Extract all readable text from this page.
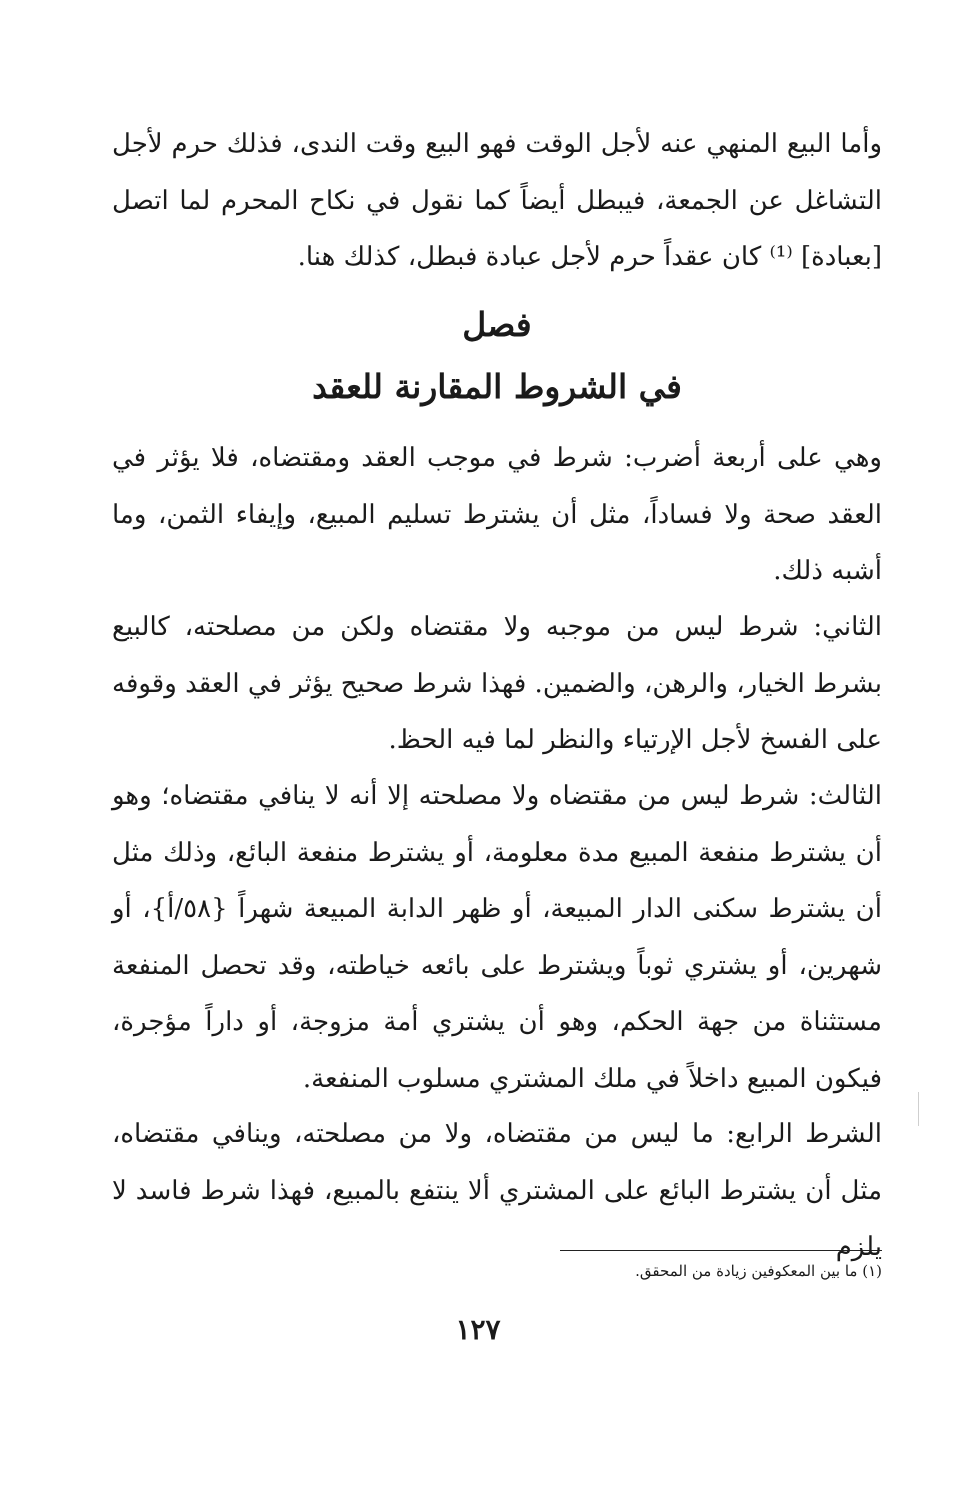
وأما البيع المنهي عنه لأجل الوقت فهو البيع وقت الندى، فذلك حرم لأجل التشاغل عن الجمعة، فيبطل أيضاً كما نقول في نكاح المحرم لما اتصل [بعبادة] ⁽¹⁾ كان عقداً حرم لأجل عبادة فبطل، كذلك هنا.
فصل
في الشروط المقارنة للعقد
وهي على أربعة أضرب: شرط في موجب العقد ومقتضاه، فلا يؤثر في العقد صحة ولا فساداً، مثل أن يشترط تسليم المبيع، وإيفاء الثمن، وما أشبه ذلك.
الثاني: شرط ليس من موجبه ولا مقتضاه ولكن من مصلحته، كالبيع بشرط الخيار، والرهن، والضمين. فهذا شرط صحيح يؤثر في العقد وقوفه على الفسخ لأجل الإرتياء والنظر لما فيه الحظ.
الثالث: شرط ليس من مقتضاه ولا مصلحته إلا أنه لا ينافي مقتضاه؛ وهو أن يشترط منفعة المبيع مدة معلومة، أو يشترط منفعة البائع، وذلك مثل أن يشترط سكنى الدار المبيعة، أو ظهر الدابة المبيعة شهراً {٥٨/أ}، أو شهرين، أو يشتري ثوباً ويشترط على بائعه خياطته، وقد تحصل المنفعة مستثناة من جهة الحكم، وهو أن يشتري أمة مزوجة، أو داراً مؤجرة، فيكون المبيع داخلاً في ملك المشتري مسلوب المنفعة.
الشرط الرابع: ما ليس من مقتضاه، ولا من مصلحته، وينافي مقتضاه، مثل أن يشترط البائع على المشتري ألا ينتفع بالمبيع، فهذا شرط فاسد لا يلزم
(١) ما بين المعكوفين زيادة من المحقق.
١٢٧
